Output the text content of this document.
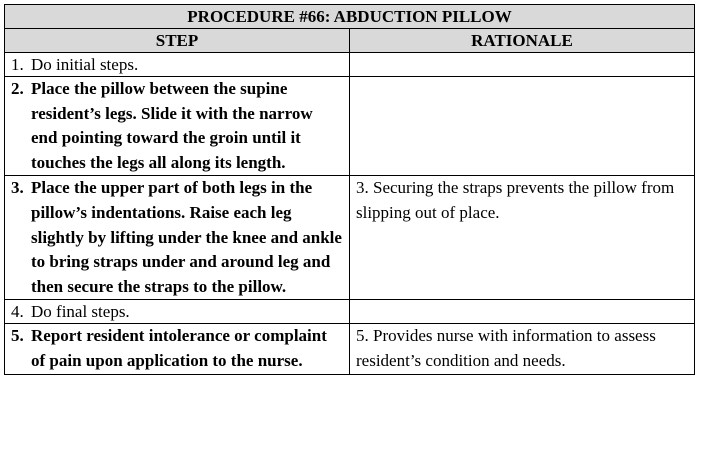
PROCEDURE #66: ABDUCTION PILLOW	
STEP	RATIONALE

1. Do initial steps.	

2. Place the pillow between the supine resident’s legs. Slide it with the narrow end pointing toward the groin until it touches the legs all along its length.	

3. Place the upper part of both legs in the pillow’s indentations. Raise each leg slightly by lifting under the knee and ankle to bring straps under and around leg and then secure the straps to the pillow.	3. Securing the straps prevents the pillow from slipping out of place.

4. Do final steps.	

5. Report resident intolerance or complaint of pain upon application to the nurse.	5. Provides nurse with information to assess resident’s condition and needs.
